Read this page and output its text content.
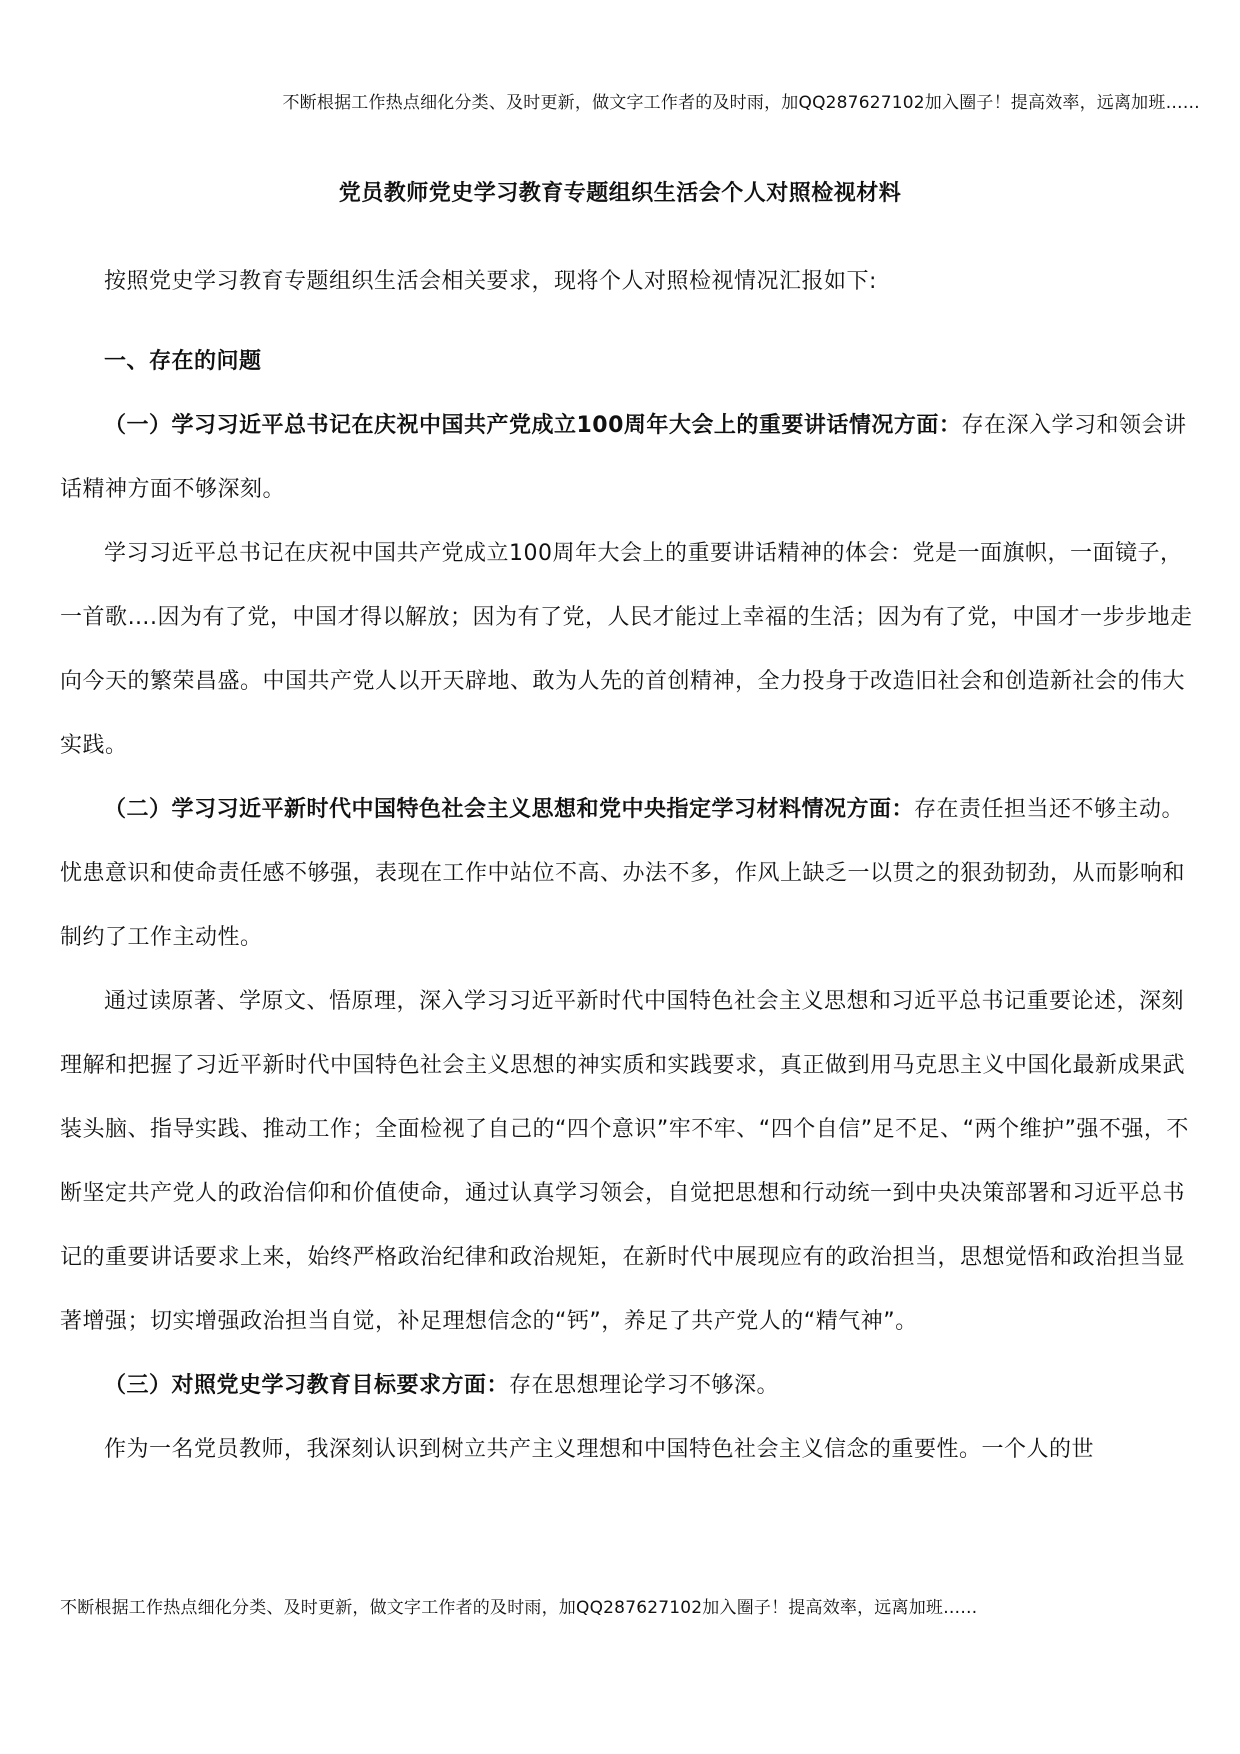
不断根据工作热点细化分类、及时更新，做文字工作者的及时雨，加QQ287627102加入圈子！提高效率，远离加班……
党员教师党史学习教育专题组织生活会个人对照检视材料

按照党史学习教育专题组织生活会相关要求，现将个人对照检视情况汇报如下:

一、存在的问题

（一）学习习近平总书记在庆祝中国共产党成立100周年大会上的重要讲话情况方面：存在深入学习和领会讲话精神方面不够深刻。

学习习近平总书记在庆祝中国共产党成立100周年大会上的重要讲话精神的体会：党是一面旗帜，一面镜子，一首歌….因为有了党，中国才得以解放；因为有了党，人民才能过上幸福的生活；因为有了党，中国才一步步地走向今天的繁荣昌盛。中国共产党人以开天辟地、敢为人先的首创精神，全力投身于改造旧社会和创造新社会的伟大实践。

（二）学习习近平新时代中国特色社会主义思想和党中央指定学习材料情况方面：存在责任担当还不够主动。忧患意识和使命责任感不够强，表现在工作中站位不高、办法不多，作风上缺乏一以贯之的狠劲韧劲，从而影响和制约了工作主动性。

通过读原著、学原文、悟原理，深入学习习近平新时代中国特色社会主义思想和习近平总书记重要论述，深刻理解和把握了习近平新时代中国特色社会主义思想的神实质和实践要求，真正做到用马克思主义中国化最新成果武装头脑、指导实践、推动工作；全面检视了自己的“四个意识”牢不牢、“四个自信”足不足、“两个维护”强不强，不断坚定共产党人的政治信仰和价值使命，通过认真学习领会，自觉把思想和行动统一到中央决策部署和习近平总书记的重要讲话要求上来，始终严格政治纪律和政治规矩，在新时代中展现应有的政治担当，思想觉悟和政治担当显著增强；切实增强政治担当自觉，补足理想信念的“钙”，养足了共产党人的“精气神”。

（三）对照党史学习教育目标要求方面：存在思想理论学习不够深。

作为一名党员教师，我深刻认识到树立共产主义理想和中国特色社会主义信念的重要性。一个人的世

不断根据工作热点细化分类、及时更新，做文字工作者的及时雨，加QQ287627102加入圈子！提高效率，远离加班……
